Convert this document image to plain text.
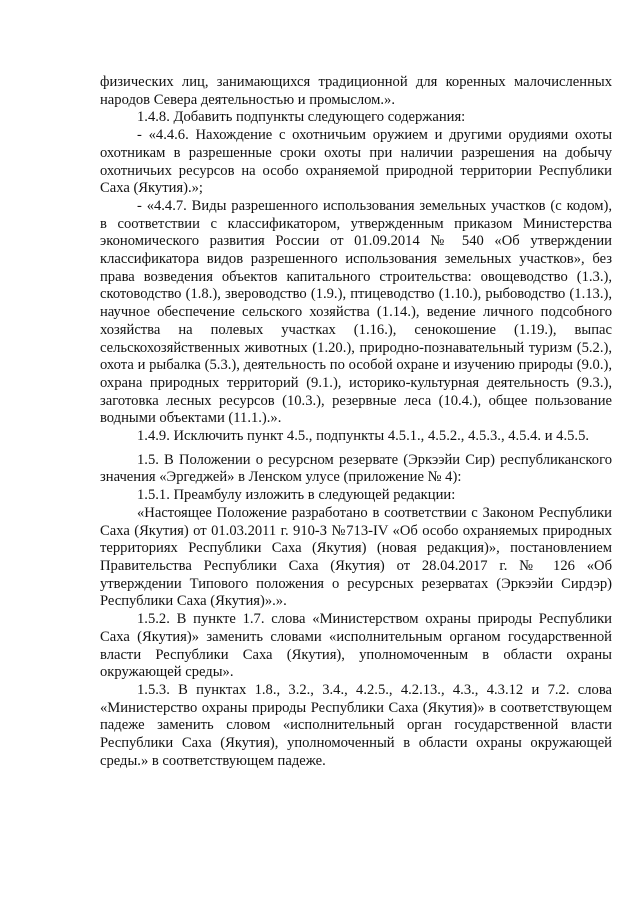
физических лиц, занимающихся традиционной для коренных малочисленных народов Севера деятельностью и промыслом.».

1.4.8. Добавить подпункты следующего содержания:

- «4.4.6. Нахождение с охотничьим оружием и другими орудиями охоты охотникам в разрешенные сроки охоты при наличии разрешения на добычу охотничьих ресурсов на особо охраняемой природной территории Республики Саха (Якутия).»;

- «4.4.7. Виды разрешенного использования земельных участков (с кодом), в соответствии с классификатором, утвержденным приказом Министерства экономического развития России от 01.09.2014 № 540 «Об утверждении классификатора видов разрешенного использования земельных участков», без права возведения объектов капитального строительства: овощеводство (1.3.), скотоводство (1.8.), звероводство (1.9.), птицеводство (1.10.), рыбоводство (1.13.), научное обеспечение сельского хозяйства (1.14.), ведение личного подсобного хозяйства на полевых участках (1.16.), сенокошение (1.19.), выпас сельскохозяйственных животных (1.20.), природно-познавательный туризм (5.2.), охота и рыбалка (5.3.), деятельность по особой охране и изучению природы (9.0.), охрана природных территорий (9.1.), историко-культурная деятельность (9.3.), заготовка лесных ресурсов (10.3.), резервные леса (10.4.), общее пользование водными объектами (11.1.).».

1.4.9. Исключить пункт 4.5., подпункты 4.5.1., 4.5.2., 4.5.3., 4.5.4. и 4.5.5.

1.5. В Положении о ресурсном резервате (Эркээйи Сир) республиканского значения «Эргеджей» в Ленском улусе (приложение № 4):

1.5.1. Преамбулу изложить в следующей редакции:

«Настоящее Положение разработано в соответствии с Законом Республики Саха (Якутия) от 01.03.2011 г. 910-З №713-IV «Об особо охраняемых природных территориях Республики Саха (Якутия) (новая редакция)», постановлением Правительства Республики Саха (Якутия) от 28.04.2017 г. № 126 «Об утверждении Типового положения о ресурсных резерватах (Эркээйи Сирдэр) Республики Саха (Якутия)».».

1.5.2. В пункте 1.7. слова «Министерством охраны природы Республики Саха (Якутия)» заменить словами «исполнительным органом государственной власти Республики Саха (Якутия), уполномоченным в области охраны окружающей среды».

1.5.3. В пунктах 1.8., 3.2., 3.4., 4.2.5., 4.2.13., 4.3., 4.3.12 и 7.2. слова «Министерство охраны природы Республики Саха (Якутия)» в соответствующем падеже заменить словом «исполнительный орган государственной власти Республики Саха (Якутия), уполномоченный в области охраны окружающей среды.» в соответствующем падеже.
